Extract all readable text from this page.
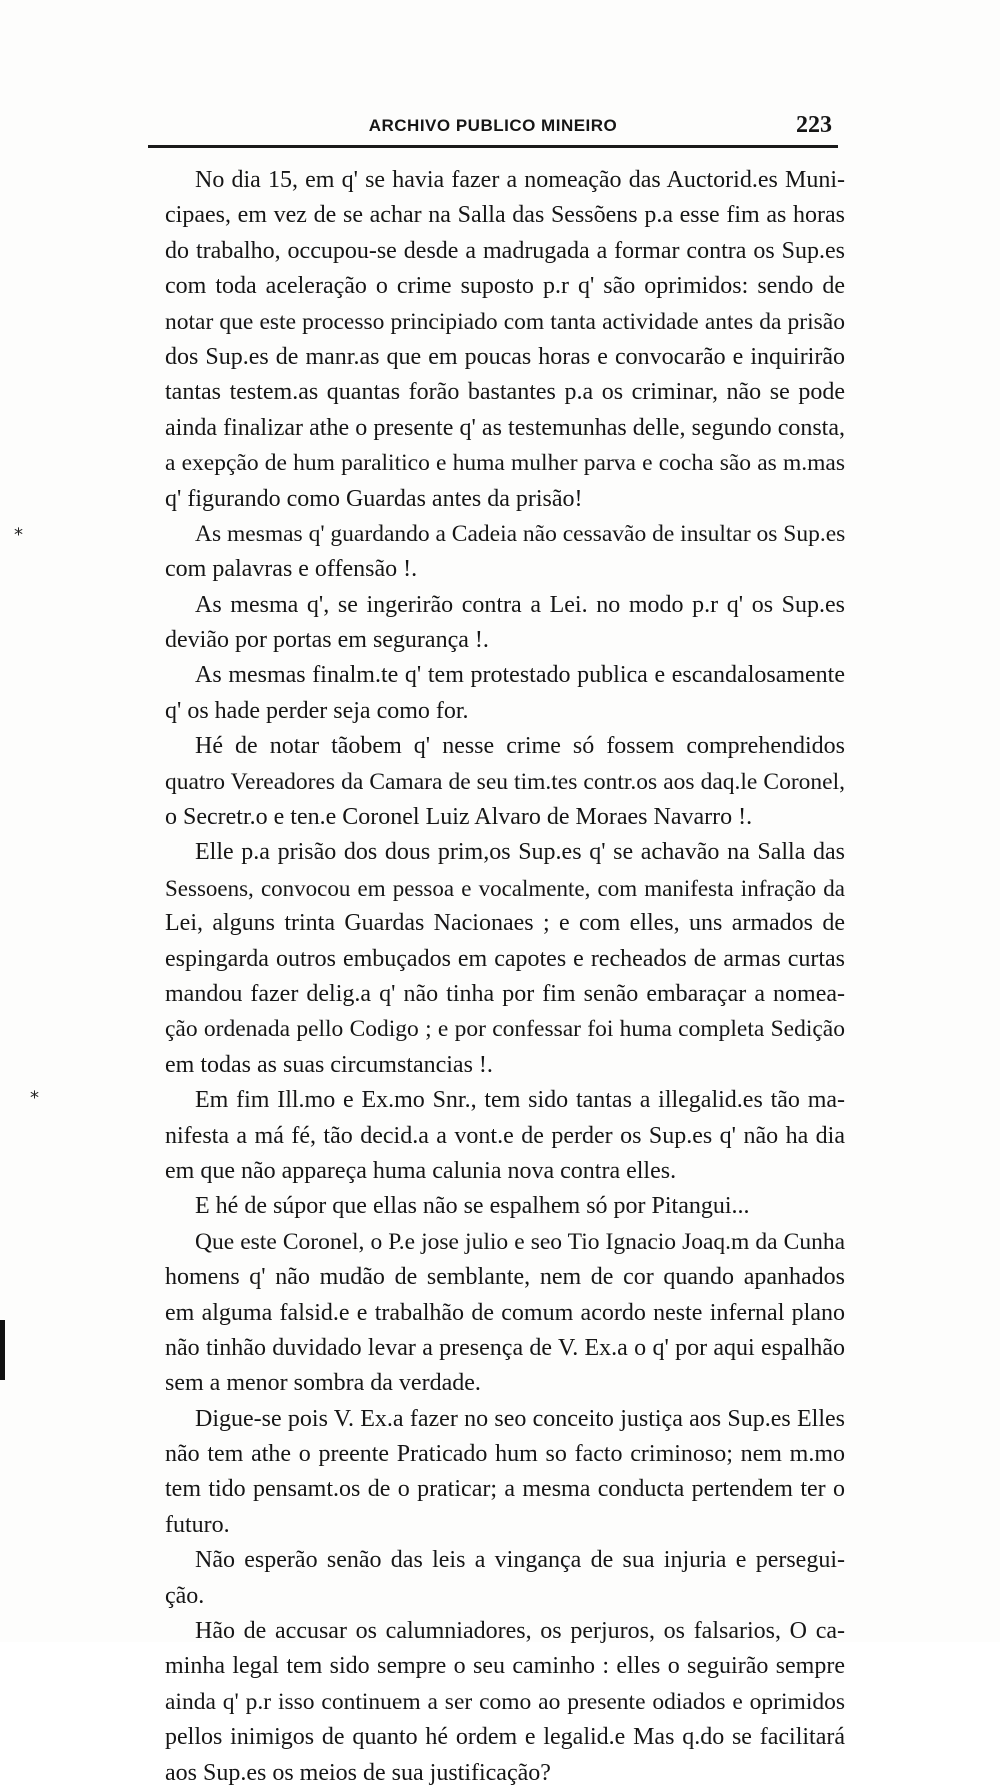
ARCHIVO PUBLICO MINEIRO	223
No dia 15, em q' se havia fazer a nomeação das Auctorid.es Muni-
cipaes, em vez de se achar na Salla das Sessõens p.a esse fim as horas
do trabalho, occupou-se desde a madrugada a formar contra os Sup.es
com toda aceleração o crime suposto p.r q' são oprimidos: sendo de
notar que este processo principiado com tanta actividade antes da prisão
dos Sup.es de manr.as que em poucas horas e convocarão e inquirirão
tantas testem.as quantas forão bastantes p.a os criminar, não se pode
ainda finalizar athe o presente q' as testemunhas delle, segundo consta,
a exepção de hum paralitico e huma mulher parva e cocha são as m.mas
q' figurando como Guardas antes da prisão!
As mesmas q' guardando a Cadeia não cessavão de insultar os Sup.es
com palavras e offensão !.
As mesma q', se ingerirão contra a Lei. no modo p.r q' os Sup.es
devião por portas em segurança !.
As mesmas finalm.te q' tem protestado publica e escandalosamente
q' os hade perder seja como for.
Hé de notar tãobem q' nesse crime só fossem comprehendidos
quatro Vereadores da Camara de seu tim.tes contr.os aos daq.le Coronel,
o Secretr.o e ten.e Coronel Luiz Alvaro de Moraes Navarro !.
Elle p.a prisão dos dous prim,os Sup.es q' se achavão na Salla das
Sessoens, convocou em pessoa e vocalmente, com manifesta infração da
Lei, alguns trinta Guardas Nacionaes ; e com elles, uns armados de
espingarda outros embuçados em capotes e recheados de armas curtas
mandou fazer delig.a q' não tinha por fim senão embaraçar a nomea-
ção ordenada pello Codigo ; e por confessar foi huma completa Sedição
em todas as suas circumstancias !.
Em fim Ill.mo e Ex.mo Snr., tem sido tantas a illegalid.es tão ma-
nifesta a má fé, tão decid.a a vont.e de perder os Sup.es q' não ha dia
em que não appareça huma calunia nova contra elles.
E hé de súpor que ellas não se espalhem só por Pitangui...
Que este Coronel, o P.e jose julio e seo Tio Ignacio Joaq.m da Cunha
homens q' não mudão de semblante, nem de cor quando apanhados
em alguma falsid.e e trabalhão de comum acordo neste infernal plano
não tinhão duvidado levar a presença de V. Ex.a o q' por aqui espalhão
sem a menor sombra da verdade.
Digue-se pois V. Ex.a fazer no seo conceito justiça aos Sup.es Elles
não tem athe o preente Praticado hum so facto criminoso; nem m.mo
tem tido pensamt.os de o praticar; a mesma conducta pertendem ter o
futuro.
Não esperão senão das leis a vingança de sua injuria e persegui-
ção.
Hão de accusar os calumniadores, os perjuros, os falsarios, O ca-
minha legal tem sido sempre o seu caminho : elles o seguirão sempre
ainda q' p.r isso continuem a ser como ao presente odiados e oprimidos
pellos inimigos de quanto hé ordem e legalid.e Mas q.do se facilitará
aos Sup.es os meios de sua justificação?
⁎
⁎
